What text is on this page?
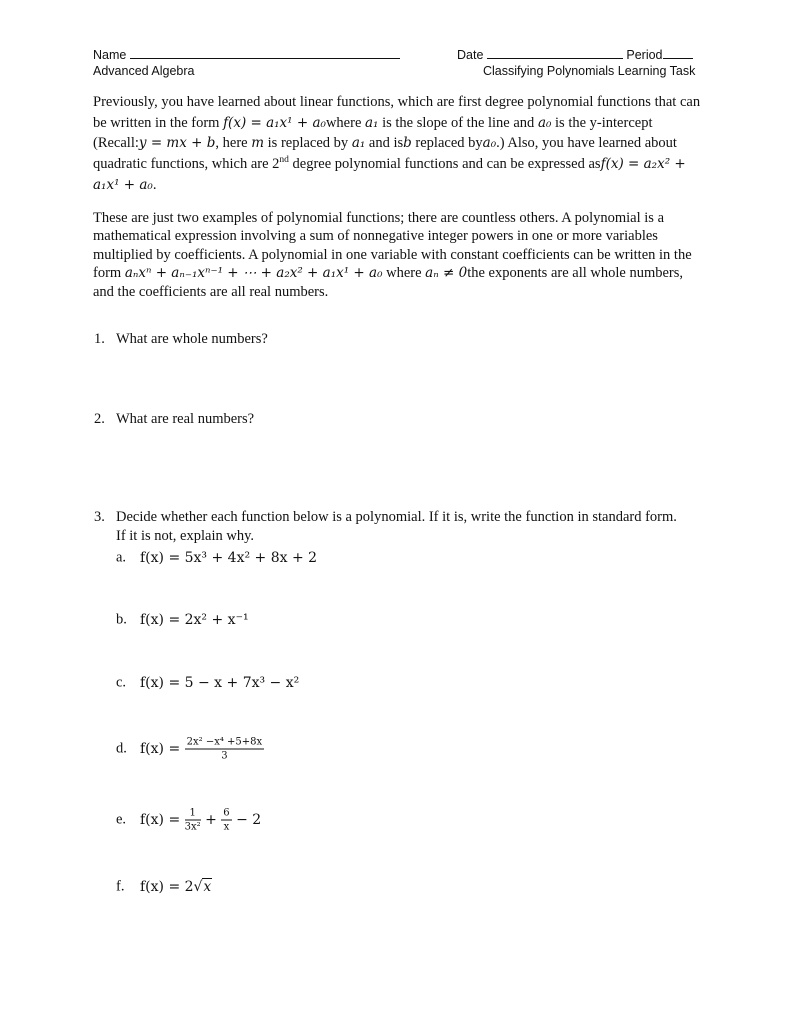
Name	Date	Period
Advanced Algebra	Classifying Polynomials Learning Task
Previously, you have learned about linear functions, which are first degree polynomial functions that can be written in the form f(x) = a₁x¹ + a₀where a₁ is the slope of the line and a₀ is the y-intercept (Recall:y = mx + b, here m is replaced by a₁ and isb replaced bya₀.) Also, you have learned about quadratic functions, which are 2nd degree polynomial functions and can be expressed asf(x) = a₂x² + a₁x¹ + a₀.
These are just two examples of polynomial functions; there are countless others. A polynomial is a mathematical expression involving a sum of nonnegative integer powers in one or more variables multiplied by coefficients. A polynomial in one variable with constant coefficients can be written in the form aₙxⁿ + aₙ₋₁xⁿ⁻¹ + ⋯ + a₂x² + a₁x¹ + a₀ where aₙ ≠ 0the exponents are all whole numbers, and the coefficients are all real numbers.
1. What are whole numbers?
2. What are real numbers?
3. Decide whether each function below is a polynomial. If it is, write the function in standard form. If it is not, explain why.
a. f(x) = 5x³ + 4x² + 8x + 2
b. f(x) = 2x² + x⁻¹
c. f(x) = 5 − x + 7x³ − x²
d. $f(x) = \frac{\text{2x² −x⁴ +5+8x}}{3}$
e. $f(x) = \frac{1}{\text{3x²}} + \frac{6}{x} - 2$
f. f(x) = 2√x
